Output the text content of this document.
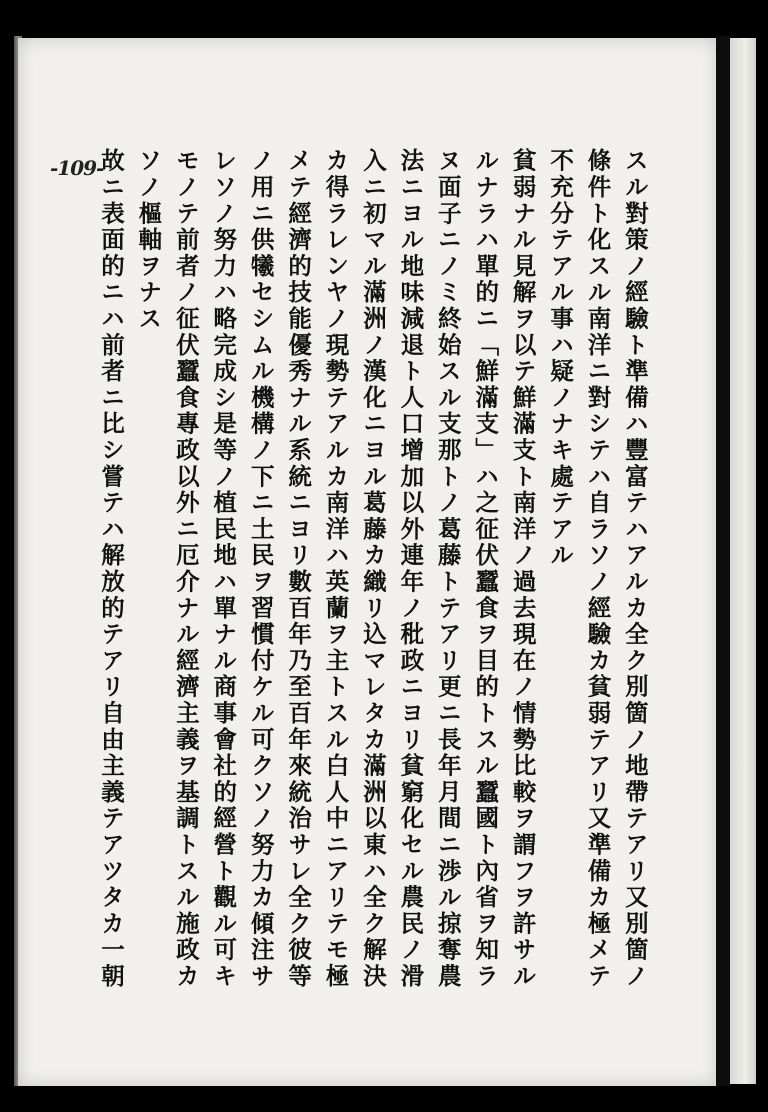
-109-	スル對策ノ經驗ト準備ハ豐富テハアルカ全ク別箇ノ地帶テアリ又別箇ノ
條件ト化スル南洋ニ對シテハ自ラソノ經驗カ貧弱テアリ又準備カ極メテ
不充分テアル事ハ疑ノナキ處テアル
貧弱ナル見解ヲ以テ鮮滿支ト南洋ノ過去現在ノ情勢比較ヲ謂フヲ許サル
ルナラハ單的ニ「鮮滿支」ハ之征伏蠶食ヲ目的トスル蠶國ト內省ヲ知ラ
ヌ面子ニノミ終始スル支那トノ葛藤トテアリ更ニ長年月間ニ渉ル掠奪農
法ニヨル地味減退ト人口增加以外連年ノ秕政ニヨリ貧窮化セル農民ノ滑
入ニ初マル滿洲ノ漢化ニヨル葛藤カ織リ込マレタカ滿洲以東ハ全ク解決
カ得ラレンヤノ現勢テアルカ南洋ハ英蘭ヲ主トスル白人中ニアリテモ極
メテ經濟的技能優秀ナル系統ニヨリ數百年乃至百年來統治サレ全ク彼等
ノ用ニ供犧セシムル機構ノ下ニ土民ヲ習慣付ケル可クソノ努力カ傾注サ
レソノ努力ハ略完成シ是等ノ植民地ハ單ナル商事會社的經營ト觀ル可キ
モノテ前者ノ征伏蠶食專政以外ニ厄介ナル經濟主義ヲ基調トスル施政カ
ソノ樞軸ヲナス
故ニ表面的ニハ前者ニ比シ嘗テハ解放的テアリ自由主義テアツタカ一朝
